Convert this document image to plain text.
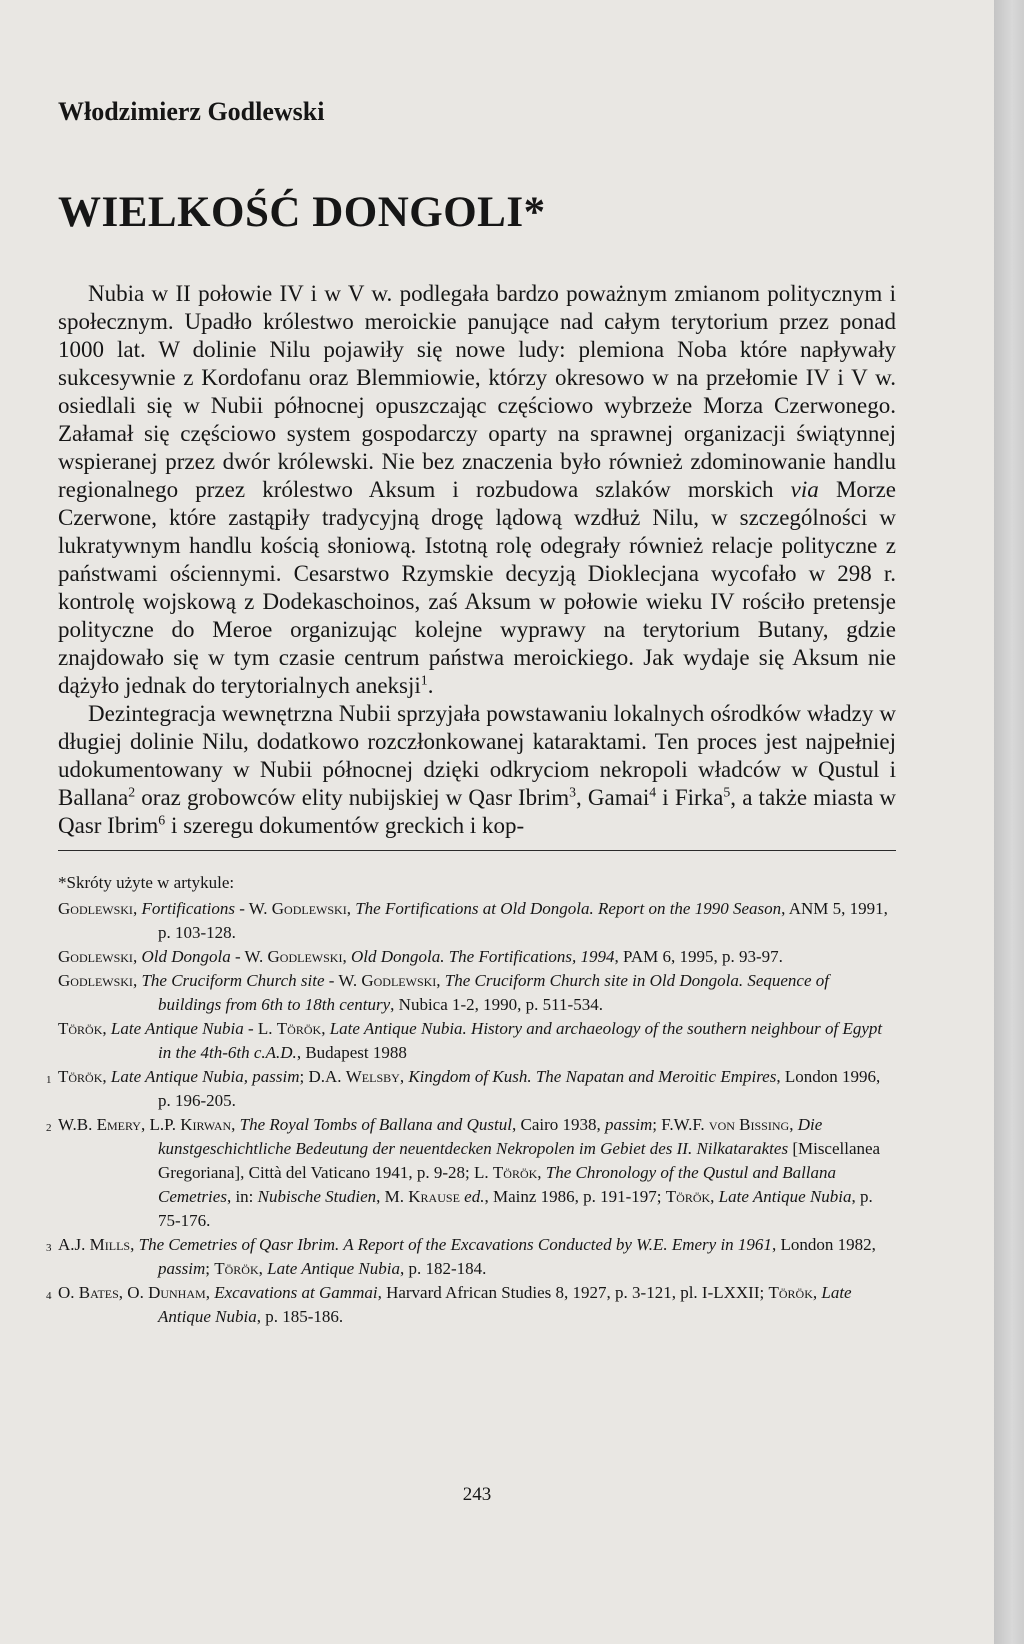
Włodzimierz Godlewski
WIELKOŚĆ DONGOLI*

Nubia w II połowie IV i w V w. podlegała bardzo poważnym zmianom politycznym i społecznym. Upadło królestwo meroickie panujące nad całym terytorium przez ponad 1000 lat. W dolinie Nilu pojawiły się nowe ludy: plemiona Noba które napływały sukcesywnie z Kordofanu oraz Blemmiowie, którzy okresowo w na przełomie IV i V w. osiedlali się w Nubii północnej opuszczając częściowo wybrzeże Morza Czerwonego. Załamał się częściowo system gospodarczy oparty na sprawnej organizacji świątynnej wspieranej przez dwór królewski. Nie bez znaczenia było również zdominowanie handlu regionalnego przez królestwo Aksum i rozbudowa szlaków morskich via Morze Czerwone, które zastąpiły tradycyjną drogę lądową wzdłuż Nilu, w szczególności w lukratywnym handlu kością słoniową. Istotną rolę odegrały również relacje polityczne z państwami ościennymi. Cesarstwo Rzymskie decyzją Dioklecjana wycofało w 298 r. kontrolę wojskową z Dodekaschoinos, zaś Aksum w połowie wieku IV rościło pretensje polityczne do Meroe organizując kolejne wyprawy na terytorium Butany, gdzie znajdowało się w tym czasie centrum państwa meroickiego. Jak wydaje się Aksum nie dążyło jednak do terytorialnych aneksji$^1$.

Dezintegracja wewnętrzna Nubii sprzyjała powstawaniu lokalnych ośrodków władzy w długiej dolinie Nilu, dodatkowo rozczłonkowanej kataraktami. Ten proces jest najpełniej udokumentowany w Nubii północnej dzięki odkryciom nekropoli władców w Qustul i Ballana$^2$ oraz grobowców elity nubijskiej w Qasr Ibrim$^3$, Gamai$^4$ i Firka$^5$, a także miasta w Qasr Ibrim$^6$ i szeregu dokumentów greckich i kop-

*Skróty użyte w artykule:

Godlewski, Fortifications - W. Godlewski, The Fortifications at Old Dongola. Report on the 1990 Season, ANM 5, 1991, p. 103-128.

Godlewski, Old Dongola - W. Godlewski, Old Dongola. The Fortifications, 1994, PAM 6, 1995, p. 93-97.

Godlewski, The Cruciform Church site - W. Godlewski, The Cruciform Church site in Old Dongola. Sequence of buildings from 6th to 18th century, Nubica 1-2, 1990, p. 511-534.

Török, Late Antique Nubia - L. Török, Late Antique Nubia. History and archaeology of the southern neighbour of Egypt in the 4th-6th c.A.D., Budapest 1988

1 Török, Late Antique Nubia, passim; D.A. Welsby, Kingdom of Kush. The Napatan and Meroitic Empires, London 1996, p. 196-205.

2 W.B. Emery, L.P. Kirwan, The Royal Tombs of Ballana and Qustul, Cairo 1938, passim; F.W.F. von Bissing, Die kunstgeschichtliche Bedeutung der neuentdecken Nekropolen im Gebiet des II. Nilkataraktes [Miscellanea Gregoriana], Città del Vaticano 1941, p. 9-28; L. Török, The Chronology of the Qustul and Ballana Cemetries, in: Nubische Studien, M. Krause ed., Mainz 1986, p. 191-197; Török, Late Antique Nubia, p. 75-176.

3 A.J. Mills, The Cemetries of Qasr Ibrim. A Report of the Excavations Conducted by W.E. Emery in 1961, London 1982, passim; Török, Late Antique Nubia, p. 182-184.

4 O. Bates, O. Dunham, Excavations at Gammai, Harvard African Studies 8, 1927, p. 3-121, pl. I-LXXII; Török, Late Antique Nubia, p. 185-186.

243
